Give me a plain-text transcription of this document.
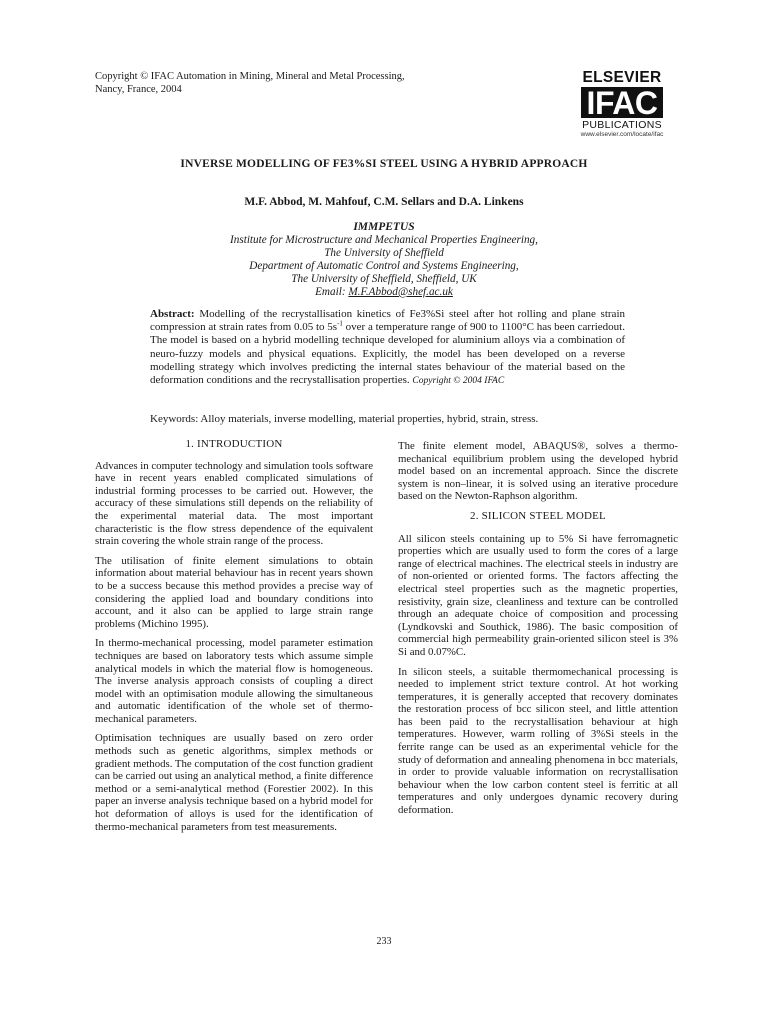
Copyright © IFAC Automation in Mining, Mineral and Metal Processing,
Nancy, France, 2004
ELSEVIER
IFAC
PUBLICATIONS
www.elsevier.com/locate/ifac
INVERSE MODELLING OF FE3%SI STEEL USING A HYBRID APPROACH
M.F. Abbod, M. Mahfouf, C.M. Sellars and D.A. Linkens
IMMPETUS
Institute for Microstructure and Mechanical Properties Engineering,
The University of Sheffield
Department of Automatic Control and Systems Engineering,
The University of Sheffield, Sheffield, UK
Email: M.F.Abbod@shef.ac.uk
Abstract: Modelling of the recrystallisation kinetics of Fe3%Si steel after hot rolling and plane strain compression at strain rates from 0.05 to $5s^{-1}$ over a temperature range of 900 to 1100°C has been carriedout. The model is based on a hybrid modelling technique developed for aluminium alloys via a combination of neuro-fuzzy models and physical equations. Explicitly, the model has been developed on a reverse modelling strategy which involves predicting the internal states behaviour of the material based on the deformation conditions and the recrystallisation properties. Copyright © 2004 IFAC
Keywords: Alloy materials, inverse modelling, material properties, hybrid, strain, stress.
1. INTRODUCTION

Advances in computer technology and simulation tools software have in recent years enabled complicated simulations of industrial forming processes to be carried out. However, the accuracy of these simulations still depends on the reliability of the experimental material data. The most important characteristic is the flow stress dependence of the equivalent strain covering the whole strain range of the process.

The utilisation of finite element simulations to obtain information about material behaviour has in recent years shown to be a success because this method provides a precise way of considering the applied load and boundary conditions into account, and it also can be applied to large strain range problems (Michino 1995).

In thermo-mechanical processing, model parameter estimation techniques are based on laboratory tests which assume simple analytical models in which the material flow is homogeneous. The inverse analysis approach consists of coupling a direct model with an optimisation module allowing the simultaneous and automatic identification of the whole set of thermo-mechanical parameters.

Optimisation techniques are usually based on zero order methods such as genetic algorithms, simplex methods or gradient methods. The computation of the cost function gradient can be carried out using an analytical method, a finite difference method or a semi-analytical method (Forestier 2002). In this paper an inverse analysis technique based on a hybrid model for hot deformation of alloys is used for the identification of thermo-mechanical parameters from test measurements.

The finite element model, ABAQUS®, solves a thermo-mechanical equilibrium problem using the developed hybrid model based on an incremental approach. Since the discrete system is non–linear, it is solved using an iterative procedure based on the Newton-Raphson algorithm.

2. SILICON STEEL MODEL

All silicon steels containing up to 5% Si have ferromagnetic properties which are usually used to form the cores of a large range of electrical machines. The electrical steels in industry are of non-oriented or oriented forms. The factors affecting the electrical steel properties such as the magnetic properties, resistivity, grain size, cleanliness and texture can be controlled through an adequate choice of composition and processing (Lyndkovski and Southick, 1986). The basic composition of commercial high permeability grain-oriented silicon steel is 3% Si and 0.07%C.

In silicon steels, a suitable thermomechanical processing is needed to implement strict texture control. At hot working temperatures, it is generally accepted that recovery dominates the restoration process of bcc silicon steel, and little attention has been paid to the recrystallisation behaviour at high temperatures. However, warm rolling of 3%Si steels in the ferrite range can be used as an experimental vehicle for the study of deformation and annealing phenomena in bcc materials, in order to provide valuable information on recrystallisation behaviour when the low carbon content steel is ferritic at all temperatures and only undergoes dynamic recovery during deformation.

233
